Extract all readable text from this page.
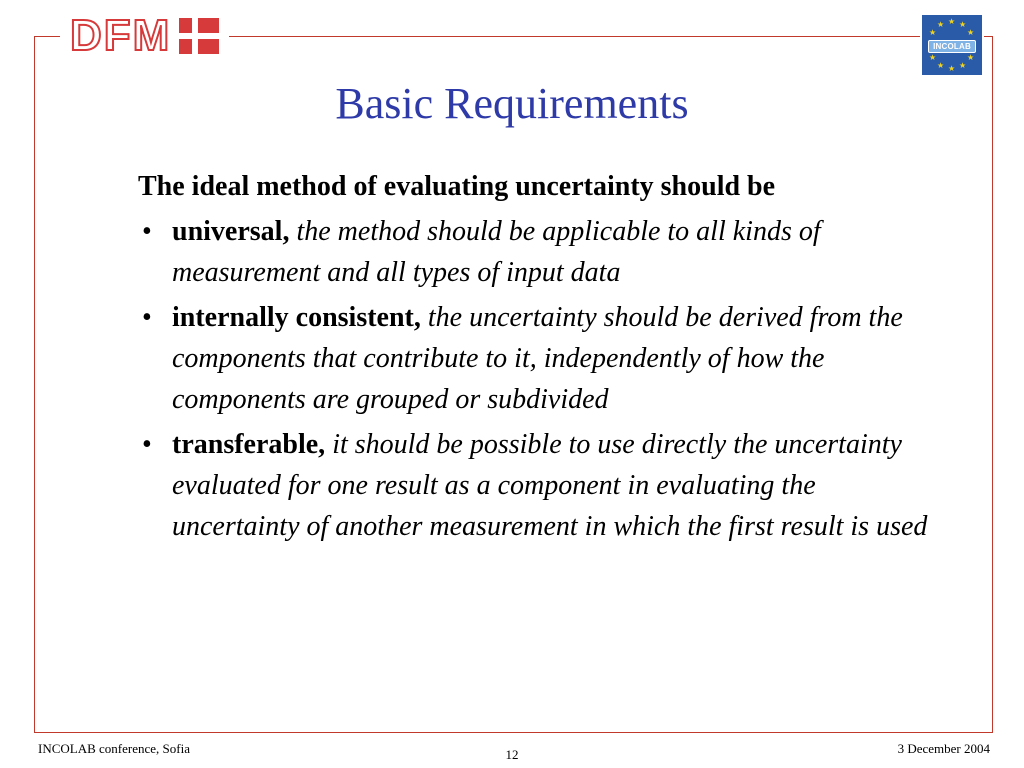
DFM	★ ★
★
★
★
★
★
★
★
★
INCOLAB
Basic Requirements

The ideal method of evaluating uncertainty should be

• universal, the method should be applicable to all kinds of measurement and all types of input data
• internally consistent, the uncertainty should be derived from the components that contribute to it, independently of how the components are grouped or subdivided
• transferable, it should be possible to use directly the uncertainty evaluated for one result as a component in evaluating the uncertainty of another measurement in which the first result is used
INCOLAB conference, Sofia	12	3 December 2004
